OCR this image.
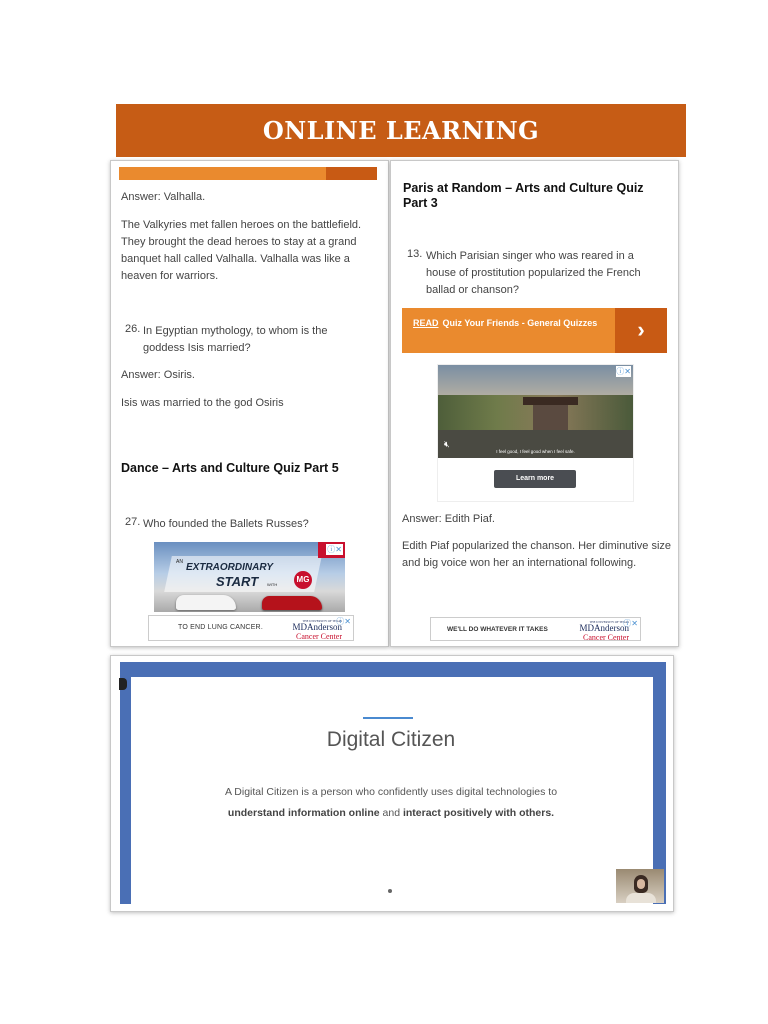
ONLINE LEARNING

Answer: Valhalla.

The Valkyries met fallen heroes on the battlefield. They brought the dead heroes to stay at a grand banquet hall called Valhalla. Valhalla was like a heaven for warriors.

26. In Egyptian mythology, to whom is the goddess Isis married?

Answer: Osiris.

Isis was married to the god Osiris

Dance – Arts and Culture Quiz Part 5

27. Who founded the Ballets Russes?

AN EXTRAORDINARY
START WITH
MG
ⓘ✕
TO END LUNG CANCER.
THE UNIVERSITY OF TEXAS
MDAnderson
Cancer Center
ⓘ✕

Paris at Random – Arts and Culture Quiz Part 3

13. Which Parisian singer who was reared in a house of prostitution popularized the French ballad or chanson?

READ Quiz Your Friends - General Quizzes	›
I feel good, I feel good when I feel safe.
🔇︎
ⓘ✕
Learn more

Answer: Edith Piaf.

Edith Piaf popularized the chanson. Her diminutive size and big voice won her an international following.

WE'LL DO WHATEVER IT TAKES
THE UNIVERSITY OF TEXAS
MDAnderson
Cancer Center
ⓘ✕
Digital Citizen
A Digital Citizen is a person who confidently uses digital technologies to
understand information online and interact positively with others.
